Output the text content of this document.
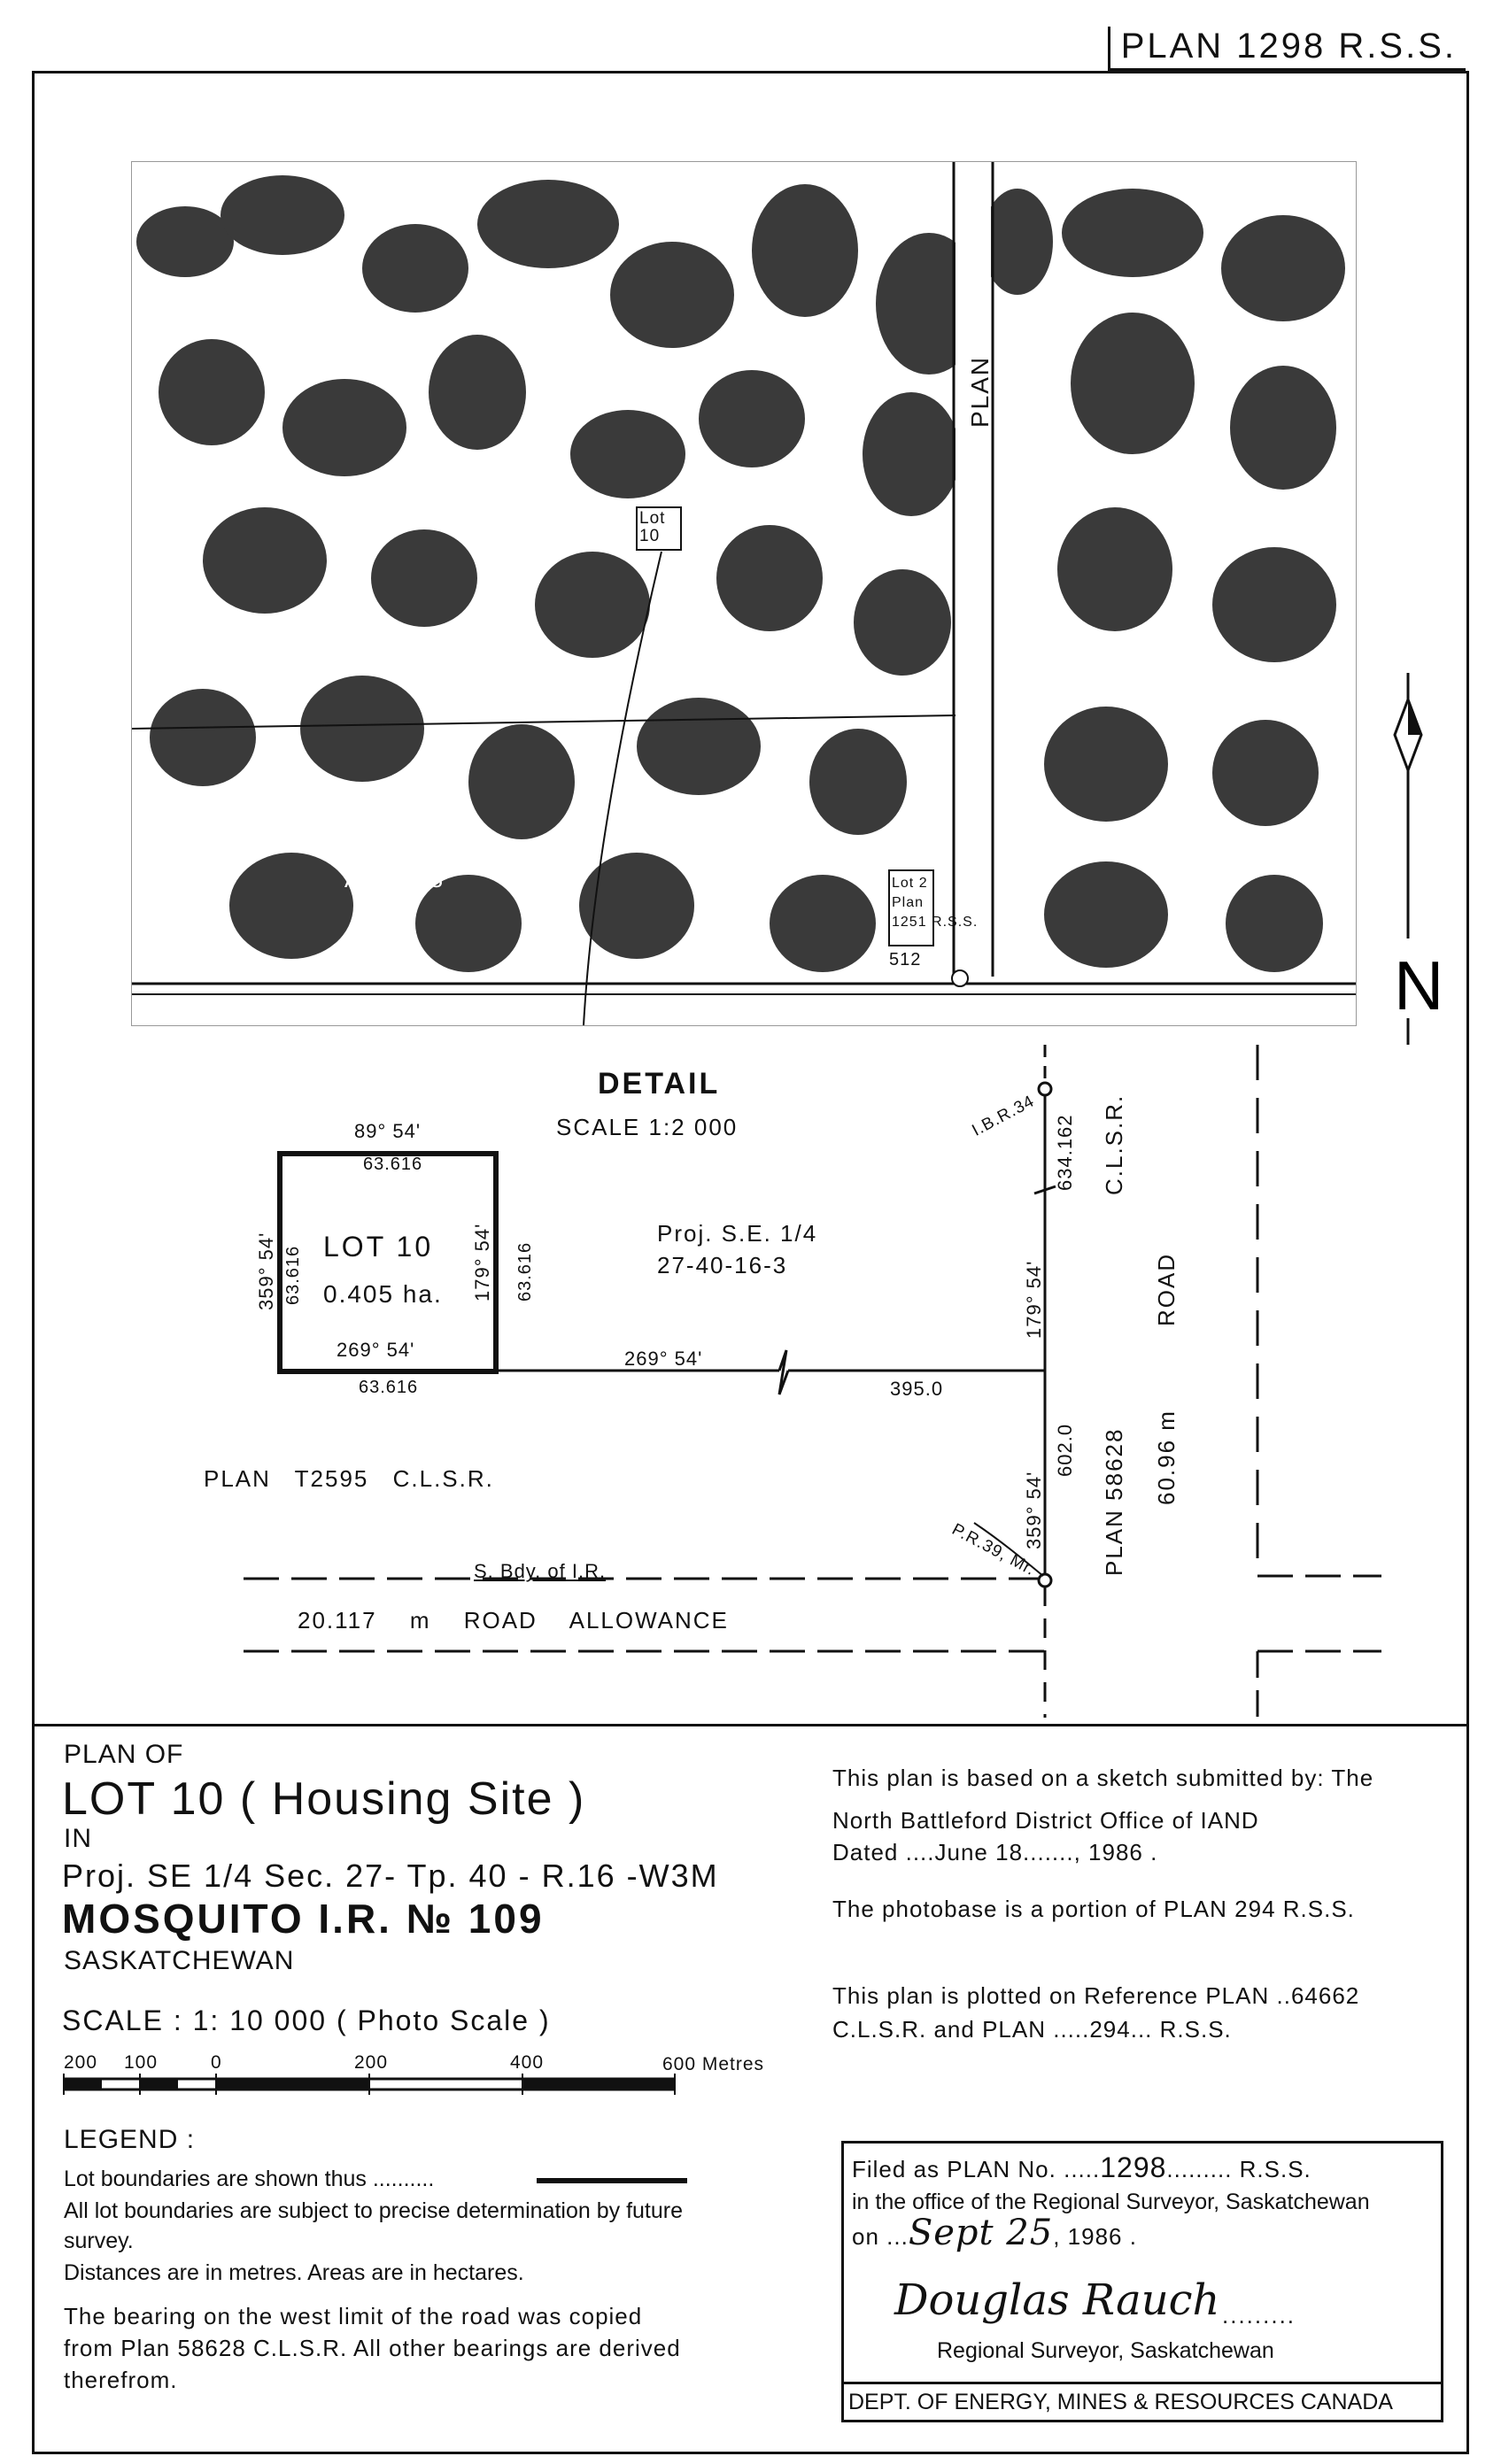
PLAN 1298 R.S.S.
PLAN
Lot
10
Ag.96.48	Lot 2
Plan
1251 R.S.S.
512	N
DETAIL
SCALE 1:2 000
89° 54'
63.616
359° 54' 63.616	179° 54' 63.616
LOT 10
0.405 ha.
269° 54'
63.616
Proj. S.E. 1/4
27-40-16-3
269° 54'
395.0
I.B.R.34 634.162
179° 54'
602.0
359° 54'
P.R.39, Mr.	PLAN 58628
C.L.S.R.
ROAD
60.96 m
PLAN T2595 C.L.S.R.
S. Bdy. of I.R.
20.117 m ROAD ALLOWANCE
PLAN OF
LOT 10 ( Housing Site )
IN
Proj. SE 1/4 Sec. 27- Tp. 40 - R.16 -W3M
MOSQUITO I.R. № 109
SASKATCHEWAN
SCALE : 1: 10 000 ( Photo Scale )
200 100	0	200	400	600 Metres
LEGEND :
Lot boundaries are shown thus ..........
All lot boundaries are subject to precise determination by future survey.
Distances are in metres. Areas are in hectares.
The bearing on the west limit of the road was copied from Plan 58628 C.L.S.R. All other bearings are derived therefrom.
This plan is based on a sketch submitted by: The
North Battleford District Office of IAND
Dated ....June 18......., 1986 .
The photobase is a portion of PLAN 294 R.S.S.
This plan is plotted on Reference PLAN ..64662
C.L.S.R. and PLAN .....294... R.S.S.
Filed as PLAN No. .....1298......... R.S.S.
in the office of the Regional Surveyor, Saskatchewan
on ...Sept 25, 1986 .
Douglas Rauch .........
Regional Surveyor, Saskatchewan
DEPT. OF ENERGY, MINES & RESOURCES CANADA
